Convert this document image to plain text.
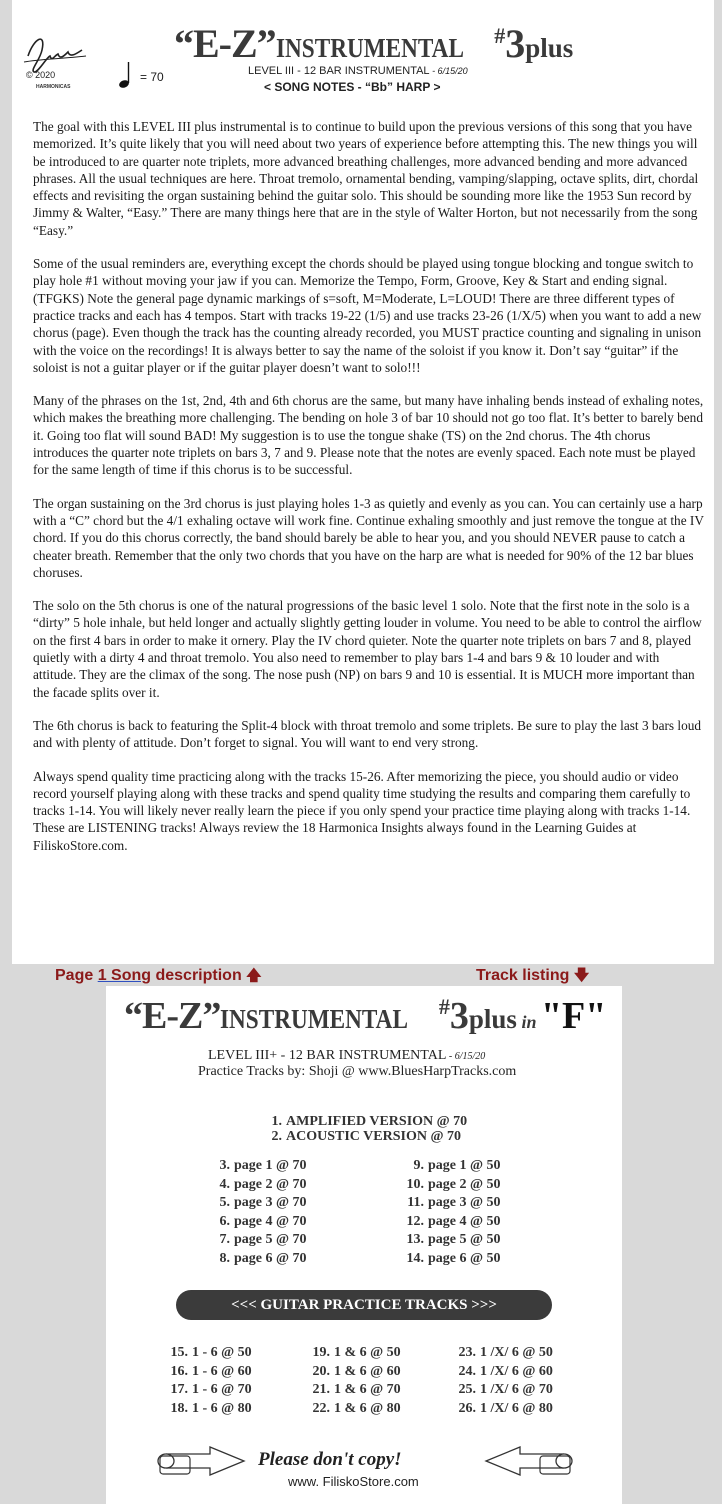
HARMONICAS
© 2020	= 70
“E-Z”INSTRUMENTAL#3plus
LEVEL III - 12 BAR INSTRUMENTAL - 6/15/20
< SONG NOTES - “Bb” HARP >

The goal with this LEVEL III plus instrumental is to continue to build upon the previous versions of this song that you have memorized. It’s quite likely that you will need about two years of experience before attempting this. The new things you will be introduced to are quarter note triplets, more advanced breathing challenges, more advanced bending and more advanced phrases. All the usual techniques are here. Throat tremolo, ornamental bending, vamping/slapping, octave splits, dirt, chordal effects and revisiting the organ sustaining behind the guitar solo. This should be sounding more like the 1953 Sun record by Jimmy & Walter, “Easy.” There are many things here that are in the style of Walter Horton, but not necessarily from the song “Easy.”

Some of the usual reminders are, everything except the chords should be played using tongue blocking and tongue switch to play hole #1 without moving your jaw if you can. Memorize the Tempo, Form, Groove, Key & Start and ending signal. (TFGKS) Note the general page dynamic markings of s=soft, M=Moderate, L=LOUD! There are three different types of practice tracks and each has 4 tempos. Start with tracks 19-22 (1/5) and use tracks 23-26 (1/X/5) when you want to add a new chorus (page). Even though the track has the counting already recorded, you MUST practice counting and signaling in unison with the voice on the recordings! It is always better to say the name of the soloist if you know it. Don’t say “guitar” if the soloist is not a guitar player or if the guitar player doesn’t want to solo!!!

Many of the phrases on the 1st, 2nd, 4th and 6th chorus are the same, but many have inhaling bends instead of exhaling notes, which makes the breathing more challenging. The bending on hole 3 of bar 10 should not go too flat. It’s better to barely bend it. Going too flat will sound BAD! My suggestion is to use the tongue shake (TS) on the 2nd chorus. The 4th chorus introduces the quarter note triplets on bars 3, 7 and 9. Please note that the notes are evenly spaced. Each note must be played for the same length of time if this chorus is to be successful.

The organ sustaining on the 3rd chorus is just playing holes 1-3 as quietly and evenly as you can. You can certainly use a harp with a “C” chord but the 4/1 exhaling octave will work fine. Continue exhaling smoothly and just remove the tongue at the IV chord. If you do this chorus correctly, the band should barely be able to hear you, and you should NEVER pause to catch a cheater breath. Remember that the only two chords that you have on the harp are what is needed for 90% of the 12 bar blues choruses.

The solo on the 5th chorus is one of the natural progressions of the basic level 1 solo. Note that the first note in the solo is a “dirty” 5 hole inhale, but held longer and actually slightly getting louder in volume. You need to be able to control the airflow on the first 4 bars in order to make it ornery. Play the IV chord quieter. Note the quarter note triplets on bars 7 and 8, played quietly with a dirty 4 and throat tremolo. You also need to remember to play bars 1-4 and bars 9 & 10 louder and with attitude. They are the climax of the song. The nose push (NP) on bars 9 and 10 is essential. It is MUCH more important than the facade splits over it.

The 6th chorus is back to featuring the Split-4 block with throat tremolo and some triplets. Be sure to play the last 3 bars loud and with plenty of attitude. Don’t forget to signal. You will want to end very strong.

Always spend quality time practicing along with the tracks 15-26. After memorizing the piece, you should audio or video record yourself playing along with these tracks and spend quality time studying the results and comparing them carefully to tracks 1-14. You will likely never really learn the piece if you only spend your practice time playing along with tracks 1-14. These are LISTENING tracks! Always review the 18 Harmonica Insights always found in the Learning Guides at FiliskoStore.com.

Page 1 Song description 🡅	Track listing 🡇
“E-Z”INSTRUMENTAL#3plus in "F"
LEVEL III+ - 12 BAR INSTRUMENTAL - 6/15/20
Practice Tracks by: Shoji @ www.BluesHarpTracks.com
1. AMPLIFIED VERSION @ 70
2. ACOUSTIC VERSION @ 70
3. page 1 @ 70
4. page 2 @ 70
5. page 3 @ 70
6. page 4 @ 70
7. page 5 @ 70
8. page 6 @ 70
9. page 1 @ 50
10. page 2 @ 50
11. page 3 @ 50
12. page 4 @ 50
13. page 5 @ 50
14. page 6 @ 50
<<< GUITAR PRACTICE TRACKS >>>
15. 1 - 6 @ 50
16. 1 - 6 @ 60
17. 1 - 6 @ 70
18. 1 - 6 @ 80
19. 1 & 6 @ 50
20. 1 & 6 @ 60
21. 1 & 6 @ 70
22. 1 & 6 @ 80
23. 1 /X/ 6 @ 50
24. 1 /X/ 6 @ 60
25. 1 /X/ 6 @ 70
26. 1 /X/ 6 @ 80
Please don't copy!
www. FiliskoStore.com
